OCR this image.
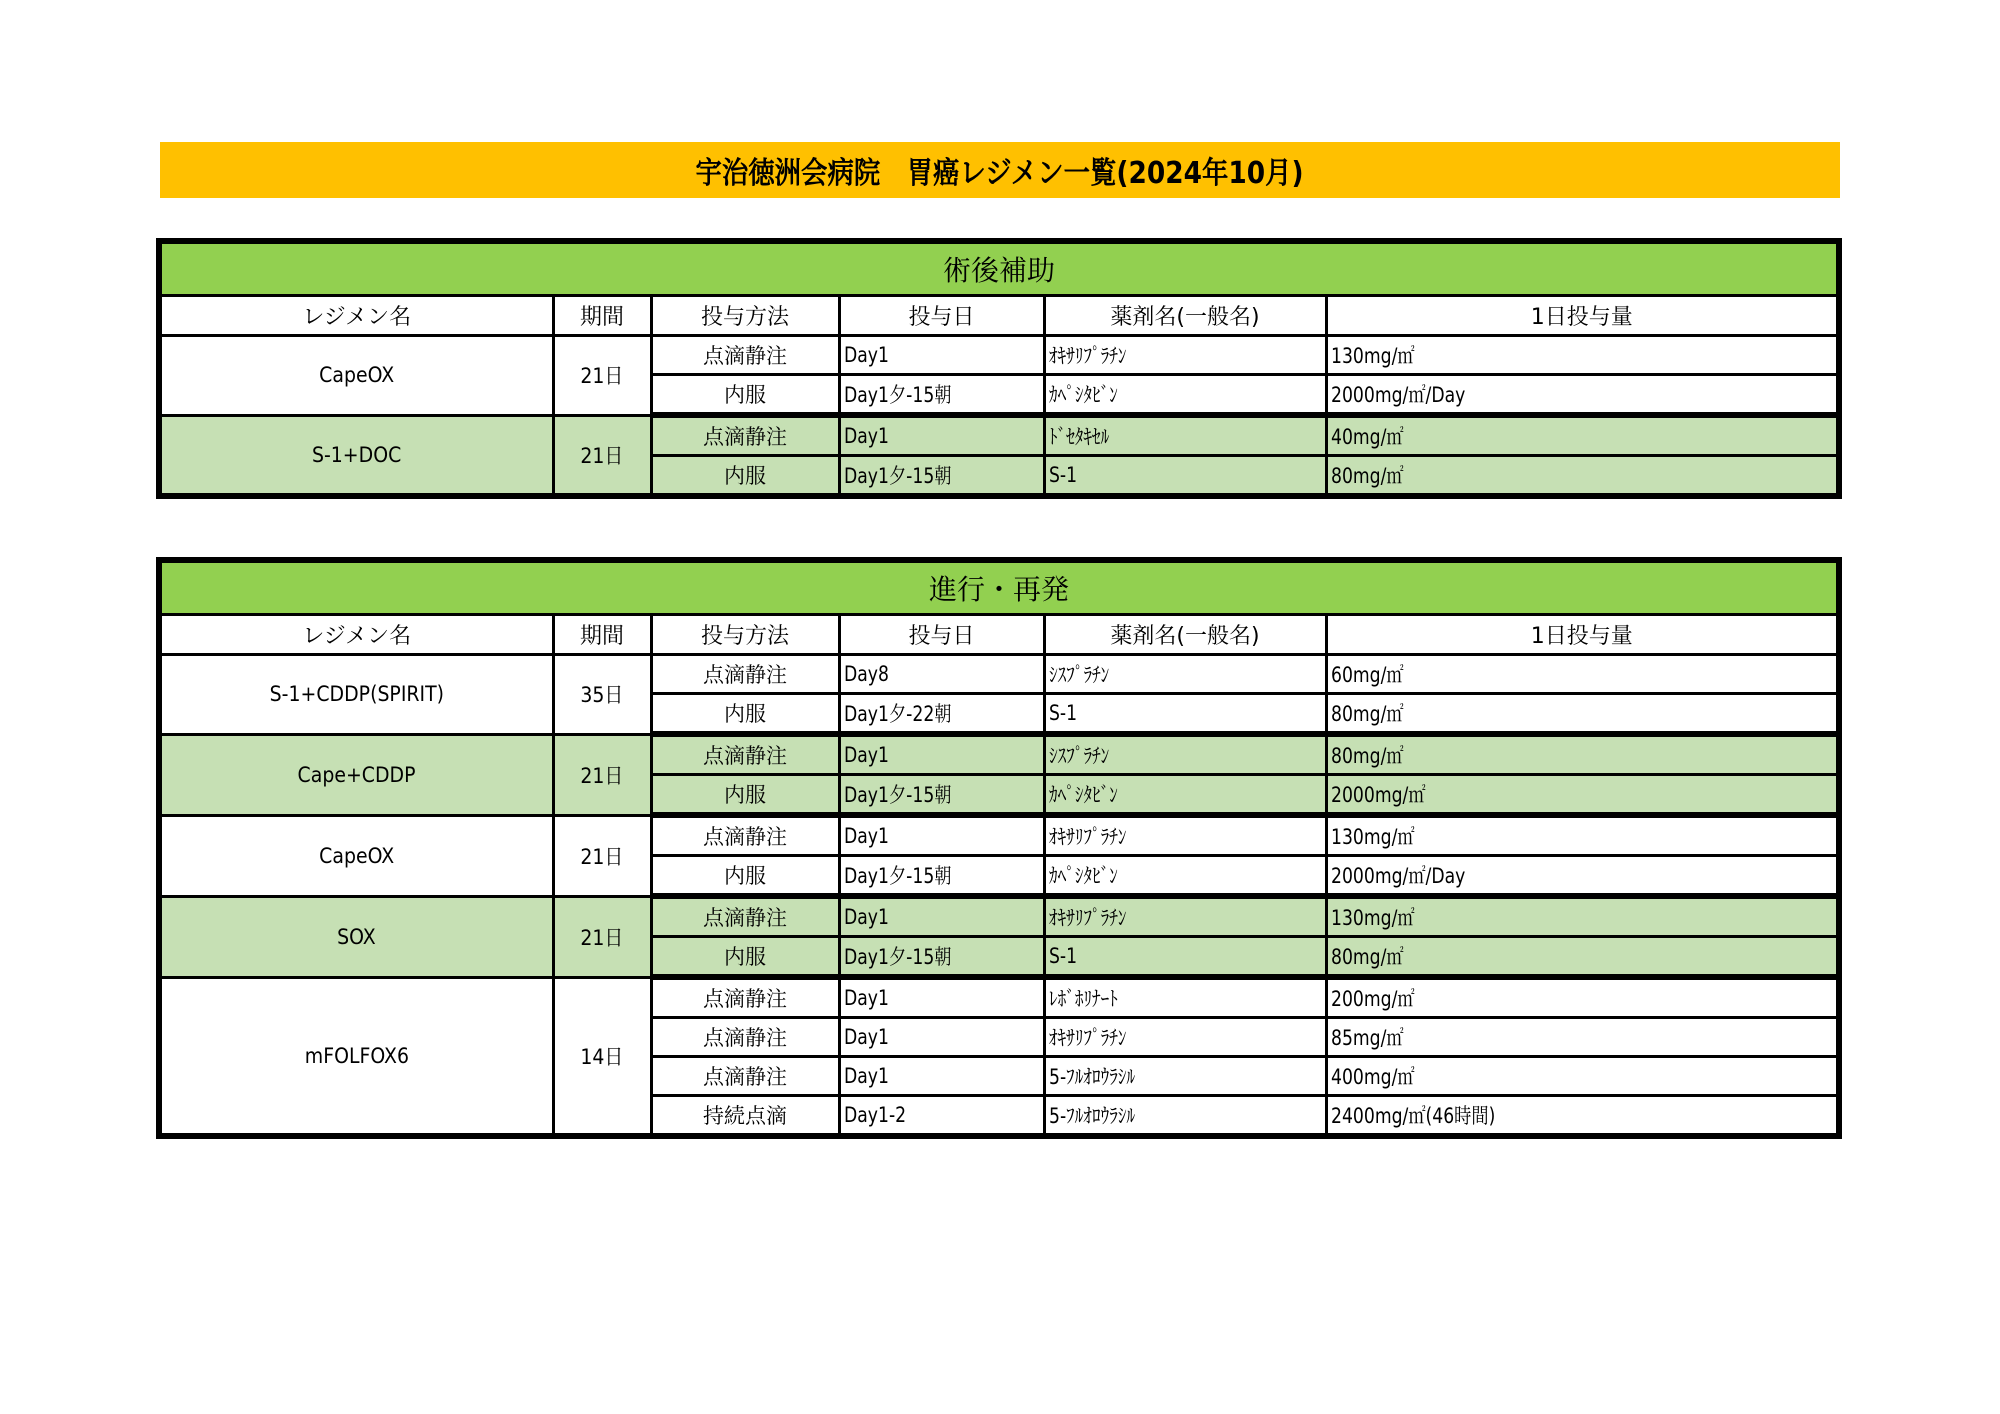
宇治徳洲会病院　胃癌レジメン一覧(2024年10月)
術後補助					
レジメン名	期間	投与方法	投与日	薬剤名(一般名)	1日投与量
CapeOX	21日	点滴静注	Day1	ｵｷｻﾘﾌﾟﾗﾁﾝ	130mg/㎡
		内服	Day1夕-15朝	ｶﾍﾟｼﾀﾋﾞﾝ	2000mg/㎡/Day
S-1+DOC	21日	点滴静注	Day1	ﾄﾞｾﾀｷｾﾙ	40mg/㎡
		内服	Day1夕-15朝	S-1	80mg/㎡
進行・再発					
レジメン名	期間	投与方法	投与日	薬剤名(一般名)	1日投与量
S-1+CDDP(SPIRIT)	35日	点滴静注	Day8	ｼｽﾌﾟﾗﾁﾝ	60mg/㎡
		内服	Day1夕-22朝	S-1	80mg/㎡
Cape+CDDP	21日	点滴静注	Day1	ｼｽﾌﾟﾗﾁﾝ	80mg/㎡
		内服	Day1夕-15朝	ｶﾍﾟｼﾀﾋﾞﾝ	2000mg/㎡
CapeOX	21日	点滴静注	Day1	ｵｷｻﾘﾌﾟﾗﾁﾝ	130mg/㎡
		内服	Day1夕-15朝	ｶﾍﾟｼﾀﾋﾞﾝ	2000mg/㎡/Day
SOX	21日	点滴静注	Day1	ｵｷｻﾘﾌﾟﾗﾁﾝ	130mg/㎡
		内服	Day1夕-15朝	S-1	80mg/㎡
mFOLFOX6	14日	点滴静注	Day1	ﾚﾎﾞﾎﾘﾅｰﾄ	200mg/㎡
		点滴静注	Day1	ｵｷｻﾘﾌﾟﾗﾁﾝ	85mg/㎡
		点滴静注	Day1	5-ﾌﾙｵﾛｳﾗｼﾙ	400mg/㎡
		持続点滴	Day1-2	5-ﾌﾙｵﾛｳﾗｼﾙ	2400mg/㎡(46時間)
